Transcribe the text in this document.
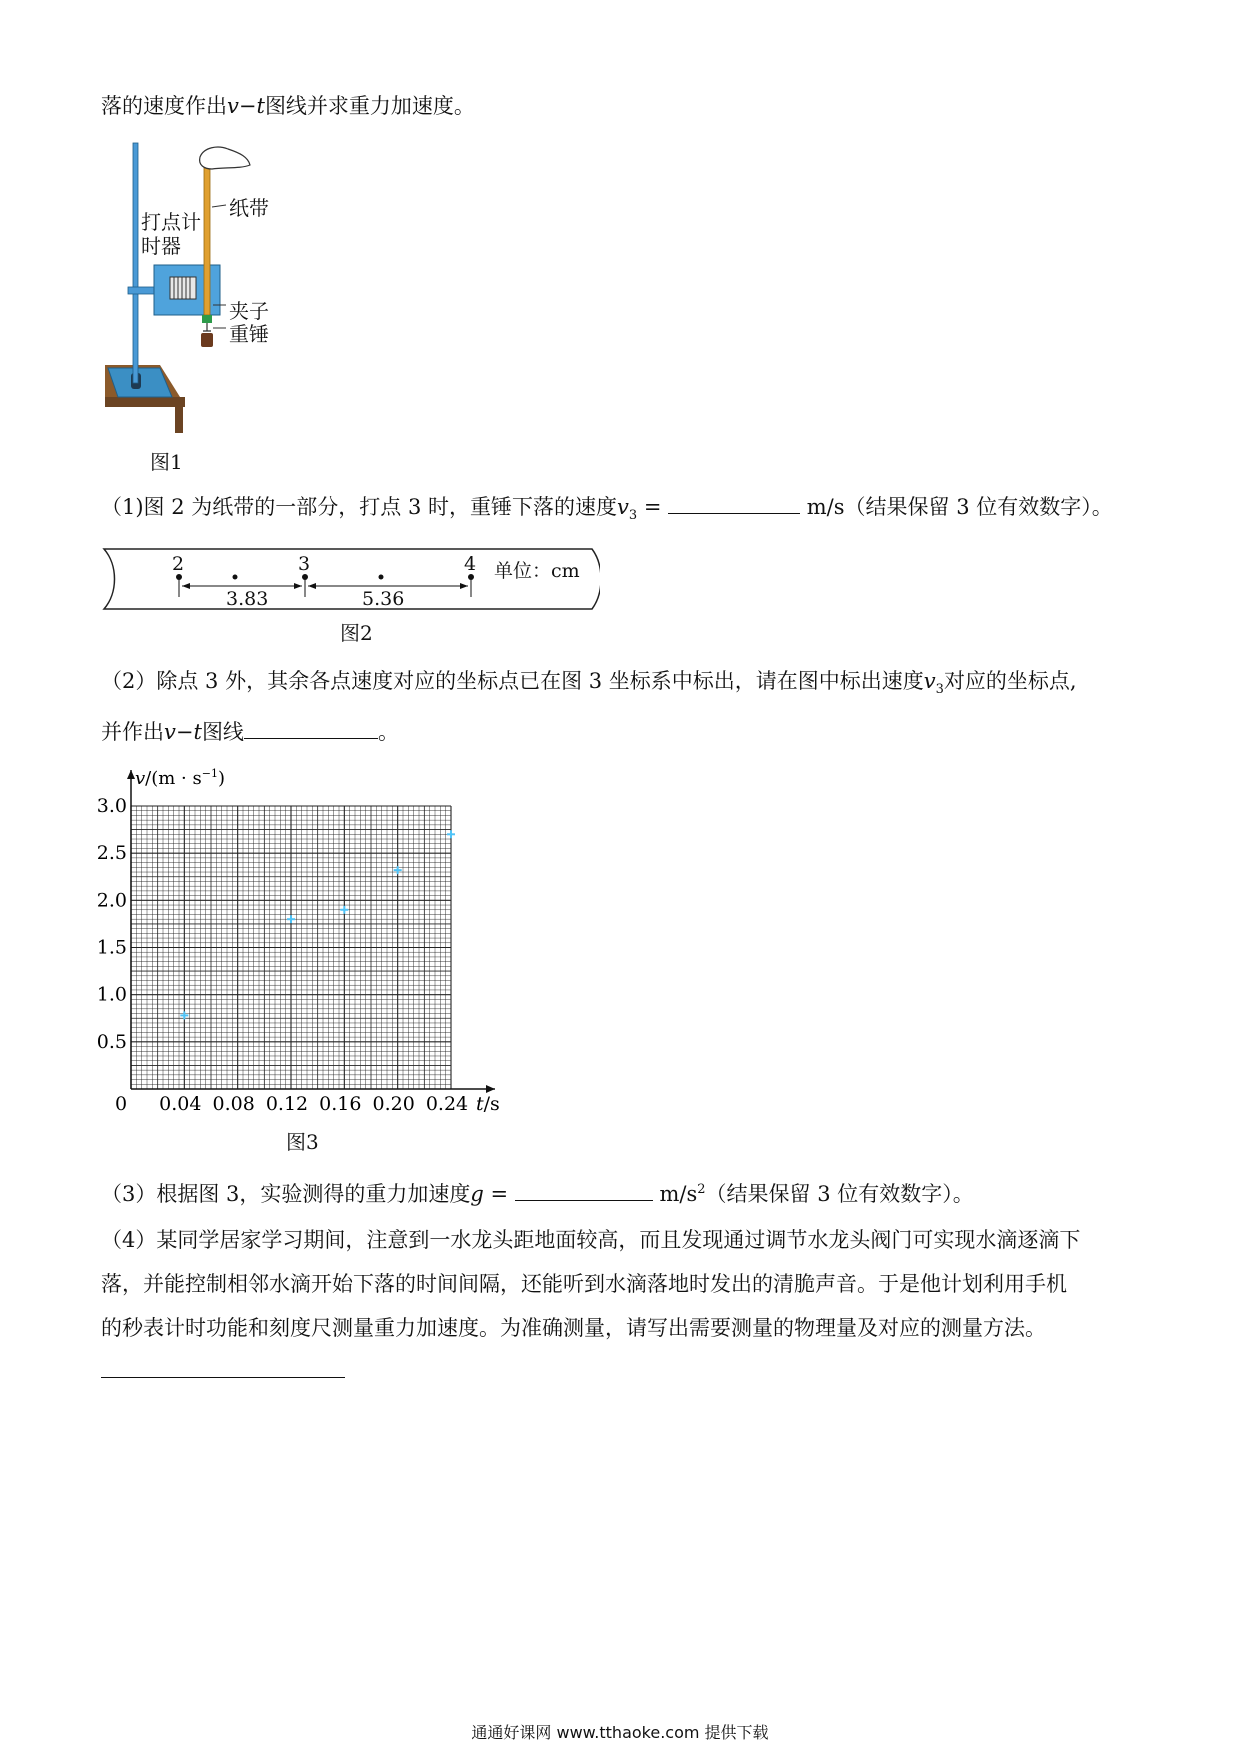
落的速度作出v−t图线并求重力加速度。
纸带
打点计
时器
夹子
重锤
图1
（1)图 2 为纸带的一部分，打点 3 时，重锤下落的速度$v_3$ =	m/s（结果保留 3 位有效数字）。
2	3	4
3.83	5.36
单位：cm
图2
（2）除点 3 外，其余各点速度对应的坐标点已在图 3 坐标系中标出，请在图中标出速度$v_3$对应的坐标点,
并作出v−t图线	。
0.5
1.0
1.5
2.0
2.5
3.0
0.04 0.08 0.12 0.16 0.20 0.24
$v/(m \cdot s^{-1})$
t/s
0
图3
（3）根据图 3，实验测得的重力加速度g =	$m/s^2$（结果保留 3 位有效数字）。
（4）某同学居家学习期间，注意到一水龙头距地面较高，而且发现通过调节水龙头阀门可实现水滴逐滴下
落，并能控制相邻水滴开始下落的时间间隔，还能听到水滴落地时发出的清脆声音。于是他计划利用手机
的秒表计时功能和刻度尺测量重力加速度。为准确测量，请写出需要测量的物理量及对应的测量方法。
通通好课网 www.tthaoke.com 提供下载
